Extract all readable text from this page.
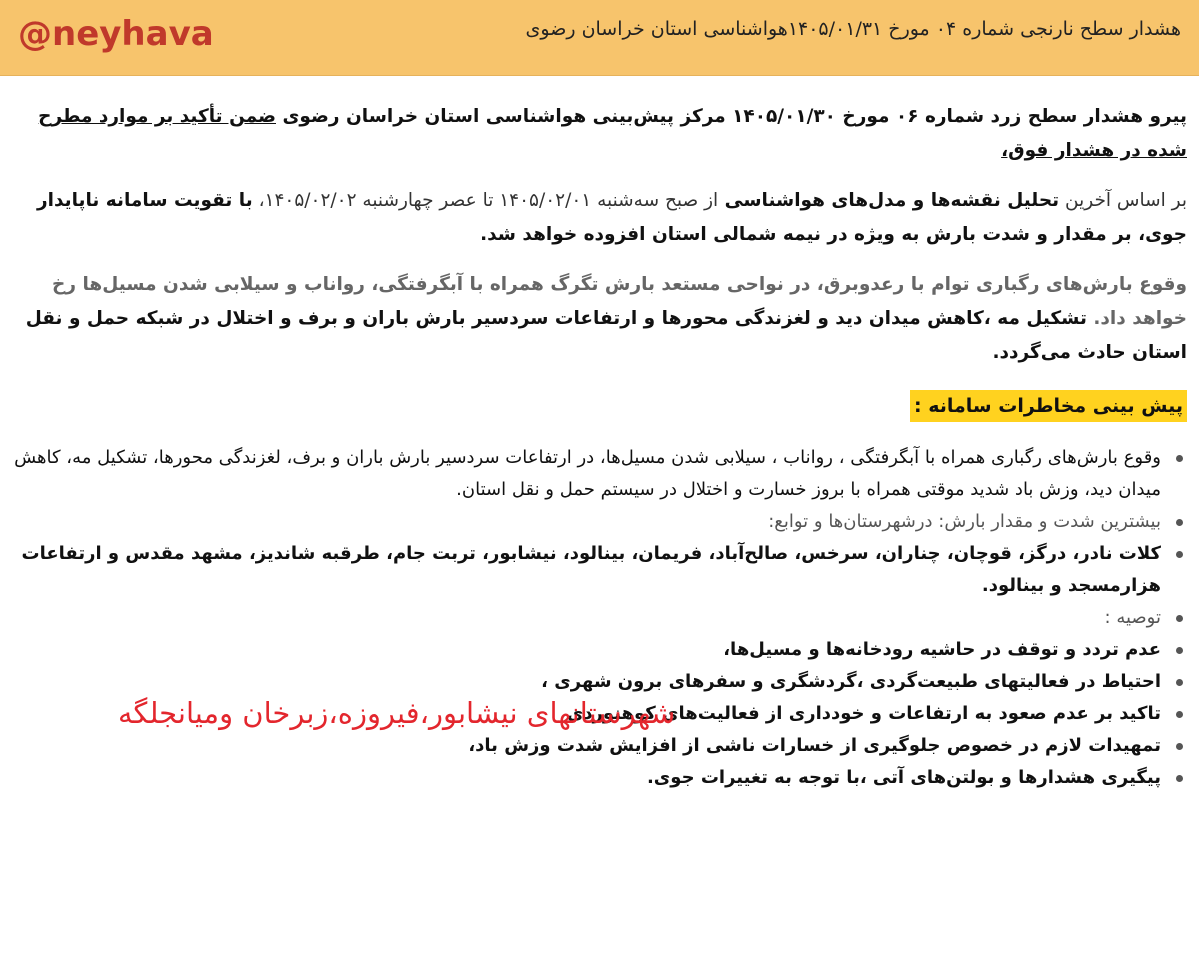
@neyhava	هشدار سطح نارنجی شماره ۰۴ مورخ ۱۴۰۵/۰۱/۳۱هواشناسی استان خراسان رضوی

پیرو هشدار سطح زرد شماره ۰۶ مورخ ۱۴۰۵/۰۱/۳۰ مرکز پیش‌بینی هواشناسی استان خراسان رضوی ضمن تأکید بر موارد مطرح شده در هشدار فوق،

بر اساس آخرین تحلیل نقشه‌ها و مدل‌های هواشناسی از صبح سه‌شنبه ۱۴۰۵/۰۲/۰۱ تا عصر چهارشنبه ۱۴۰۵/۰۲/۰۲، با تقویت سامانه ناپایدار جوی، بر مقدار و شدت بارش به ویژه در نیمه شمالی استان افزوده خواهد شد.

وقوع بارش‌های رگباری توام با رعدوبرق، در نواحی مستعد بارش تگرگ همراه با آبگرفتگی، رواناب و سیلابی شدن مسیل‌ها رخ خواهد داد. تشکیل مه ،کاهش میدان دید و لغزندگی محورها و ارتفاعات سردسیر بارش باران و برف و اختلال در شبکه حمل و نقل استان حادث می‌گردد.

پیش بینی مخاطرات سامانه :
وقوع بارش‌های رگباری همراه با آبگرفتگی ، رواناب ، سیلابی شدن مسیل‌ها، در ارتفاعات سردسیر بارش باران و برف، لغزندگی محورها، تشکیل مه، کاهش میدان دید، وزش باد شدید موقتی همراه با بروز خسارت و اختلال در سیستم حمل و نقل استان.
بیشترین شدت و مقدار بارش: درشهرستان‌ها و توابع:
کلات نادر، درگز، قوچان، چناران، سرخس، صالح‌آباد، فریمان، بینالود، نیشابور، تربت جام، طرقبه شاندیز، مشهد مقدس و ارتفاعات هزارمسجد و بینالود.
توصیه :
عدم تردد و توقف در حاشیه رودخانه‌ها و مسیل‌ها،
احتیاط در فعالیتهای طبیعت‌گردی ،گردشگری و سفرهای برون شهری ،
تاکید بر عدم صعود به ارتفاعات و خودداری از فعالیت‌های کوهنوردی
تمهیدات لازم در خصوص جلوگیری از خسارات ناشی از افزایش شدت وزش باد،
پیگیری هشدارها و بولتن‌های آتی ،با توجه به تغییرات جوی.
شهرستانهای نیشابور،فیروزه،زبرخان ومیانجلگه
